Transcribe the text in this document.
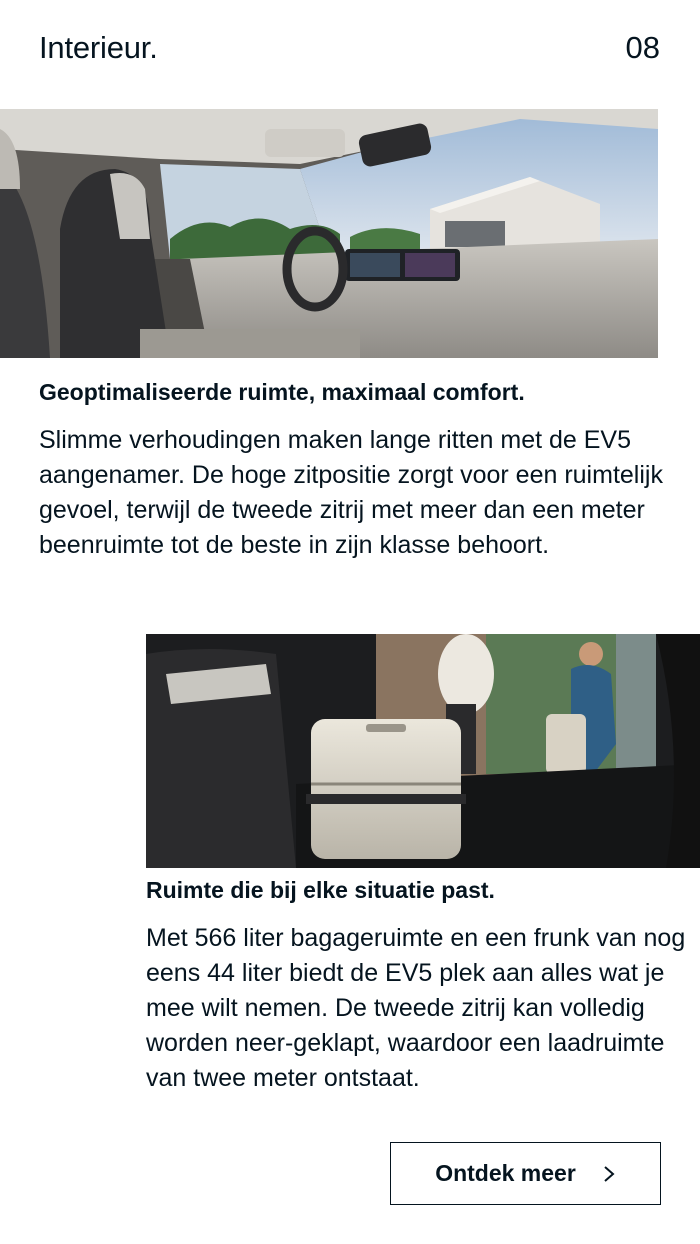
Interieur.	08
Geoptimaliseerde ruimte, maximaal comfort.
Slimme verhoudingen maken lange ritten met de EV5 aangenamer. De hoge zitpositie zorgt voor een ruimtelijk gevoel, terwijl de tweede zitrij met meer dan een meter beenruimte tot de beste in zijn klasse behoort.
Ruimte die bij elke situatie past.
Met 566 liter bagageruimte en een frunk van nog eens 44 liter biedt de EV5 plek aan alles wat je mee wilt nemen. De tweede zitrij kan volledig worden neer-geklapt, waardoor een laadruimte van twee meter ontstaat.
Ontdek meer
